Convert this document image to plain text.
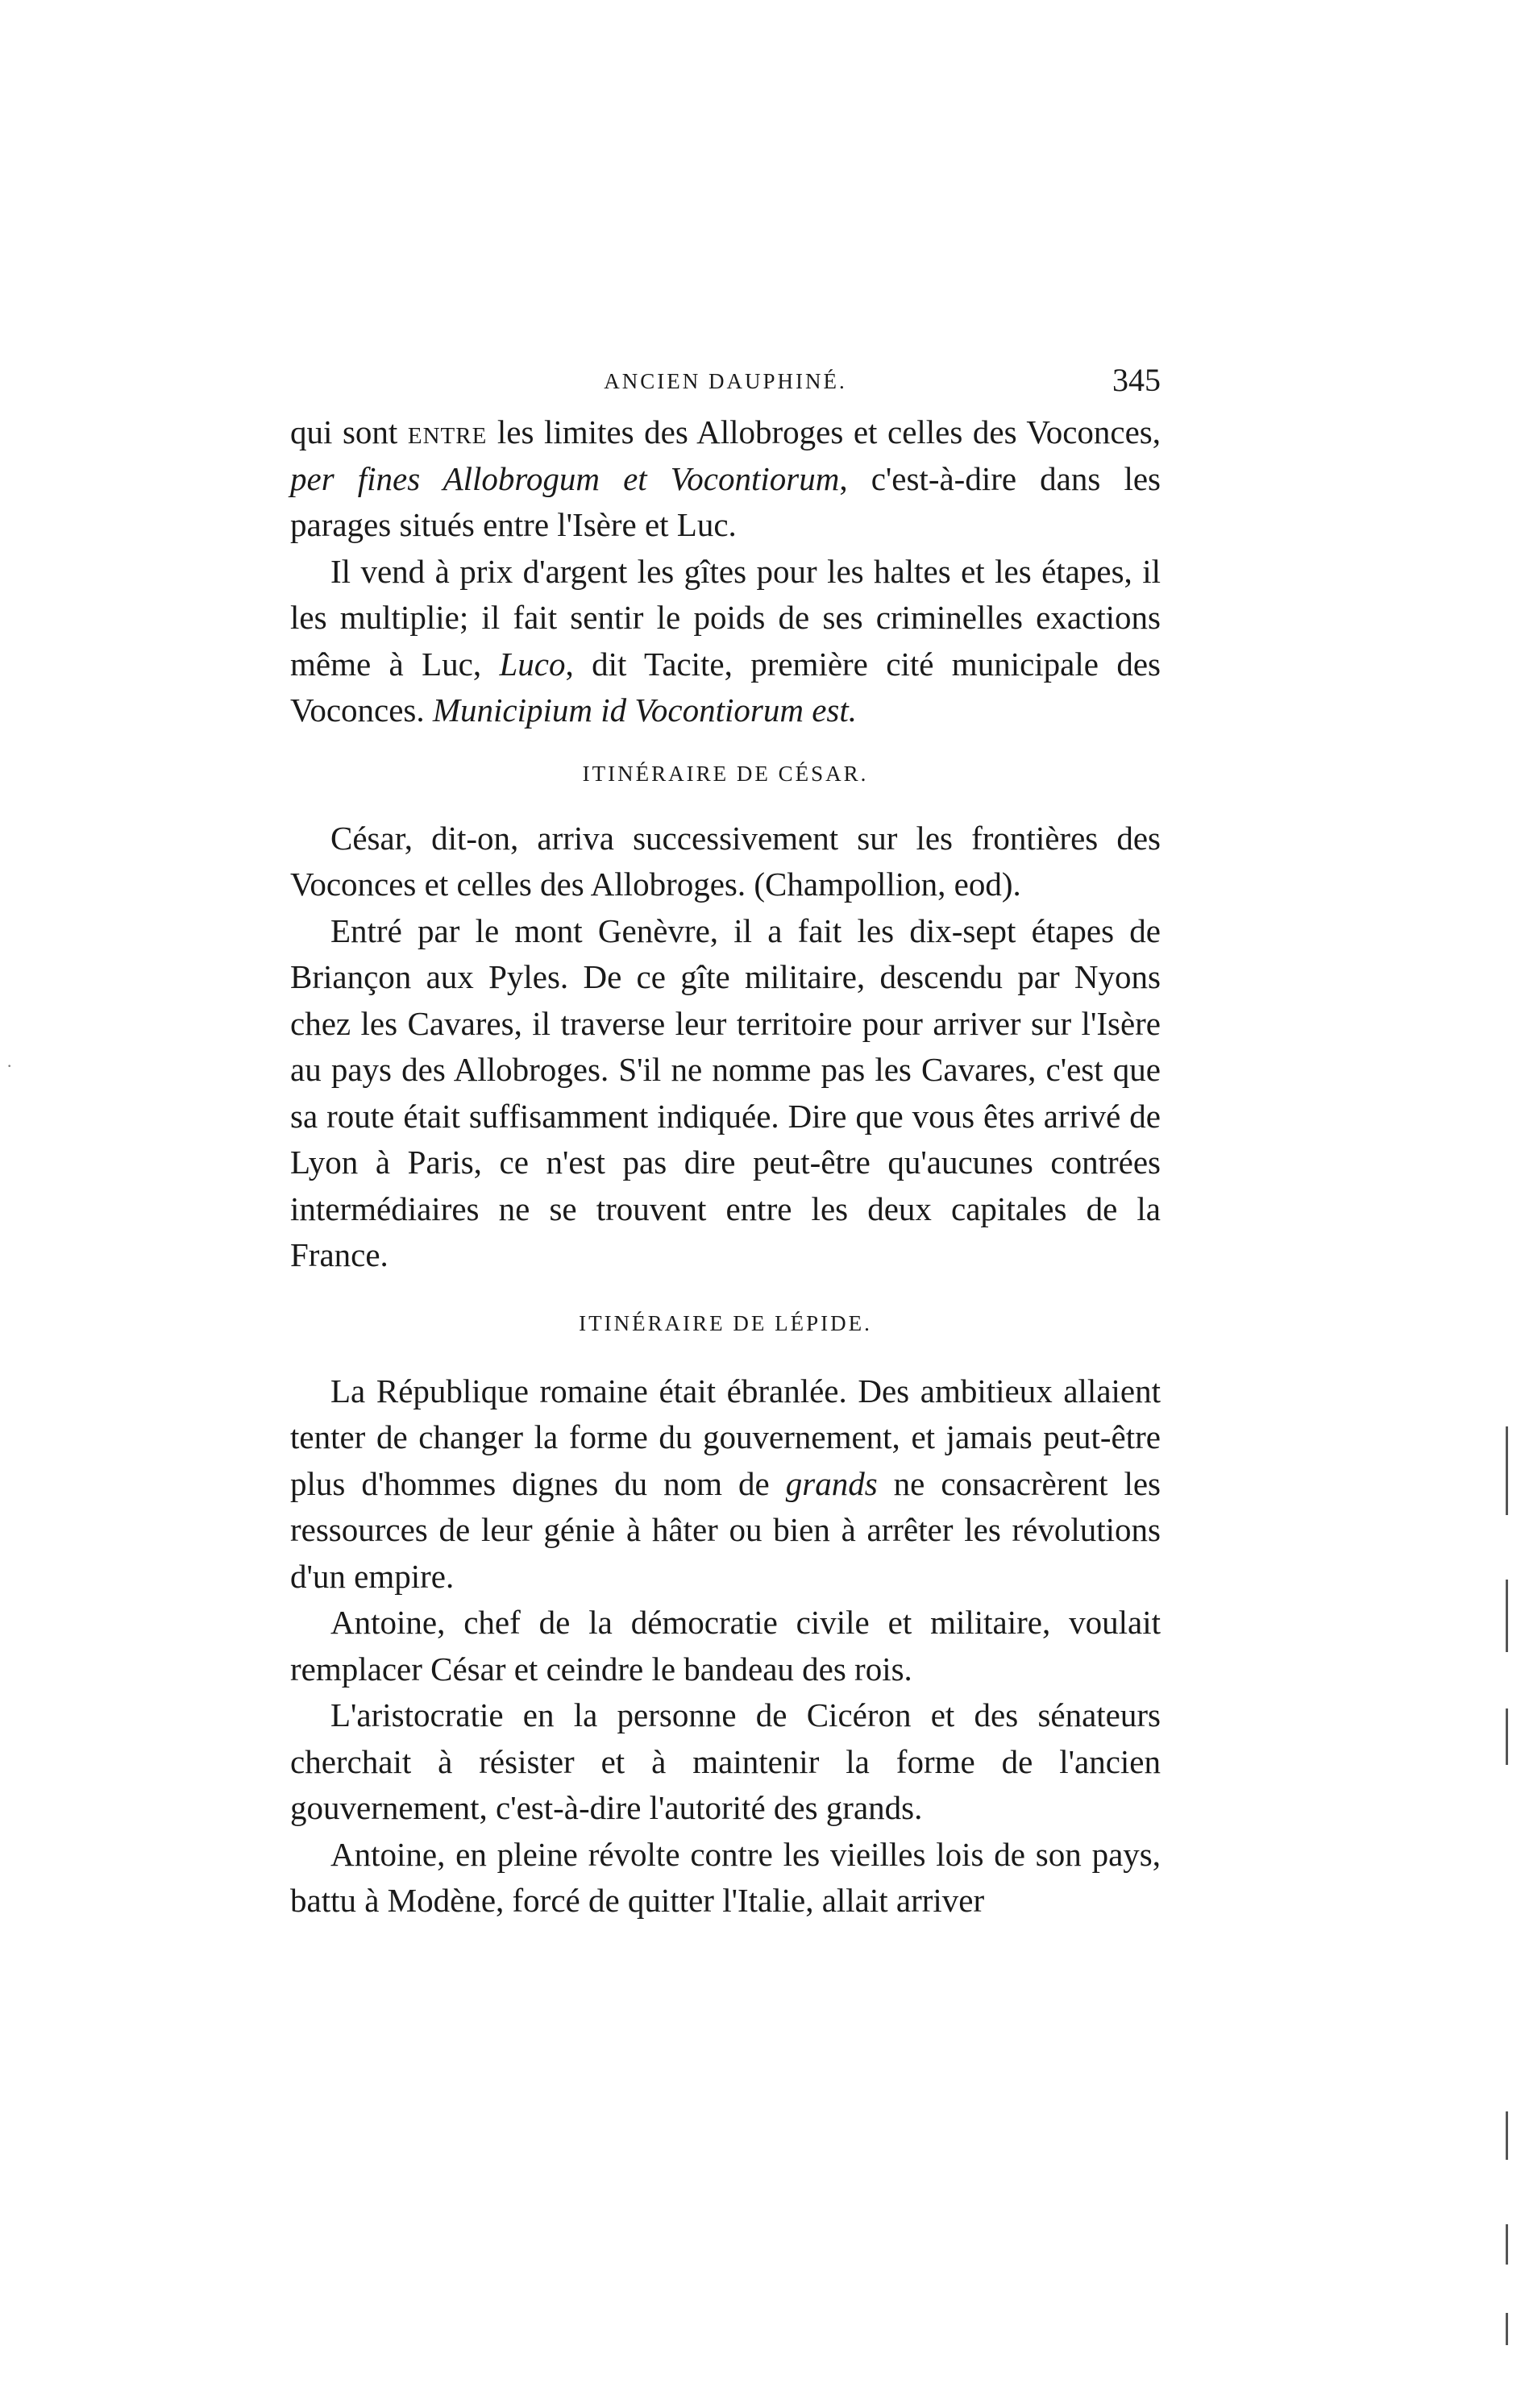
ANCIEN DAUPHINÉ.	345

qui sont entre les limites des Allobroges et celles des Voconces, per fines Allobrogum et Vocontiorum, c'est-à-dire dans les parages situés entre l'Isère et Luc.

Il vend à prix d'argent les gîtes pour les haltes et les étapes, il les multiplie; il fait sentir le poids de ses criminelles exactions même à Luc, Luco, dit Tacite, première cité municipale des Voconces. Municipium id Vocontiorum est.

ITINÉRAIRE DE CÉSAR.

César, dit-on, arriva successivement sur les frontières des Voconces et celles des Allobroges. (Champollion, eod).

Entré par le mont Genèvre, il a fait les dix-sept étapes de Briançon aux Pyles. De ce gîte militaire, descendu par Nyons chez les Cavares, il traverse leur territoire pour arriver sur l'Isère au pays des Allobroges. S'il ne nomme pas les Cavares, c'est que sa route était suffisamment indiquée. Dire que vous êtes arrivé de Lyon à Paris, ce n'est pas dire peut-être qu'aucunes contrées intermédiaires ne se trouvent entre les deux capitales de la France.

ITINÉRAIRE DE LÉPIDE.

La République romaine était ébranlée. Des ambitieux allaient tenter de changer la forme du gouvernement, et jamais peut-être plus d'hommes dignes du nom de grands ne consacrèrent les ressources de leur génie à hâter ou bien à arrêter les révolutions d'un empire.

Antoine, chef de la démocratie civile et militaire, voulait remplacer César et ceindre le bandeau des rois.

L'aristocratie en la personne de Cicéron et des sénateurs cherchait à résister et à maintenir la forme de l'ancien gouvernement, c'est-à-dire l'autorité des grands.

Antoine, en pleine révolte contre les vieilles lois de son pays, battu à Modène, forcé de quitter l'Italie, allait arriver

·
